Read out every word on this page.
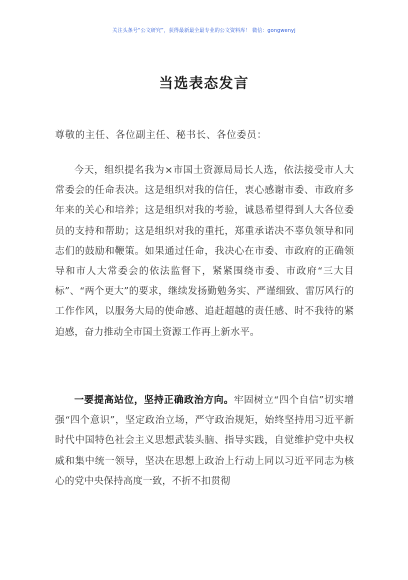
关注头条号“公文研究”，获得最新最全最专业的公文资料库！ 微信：gongwenyj
当选表态发言
尊敬的主任、各位副主任、秘书长、各位委员：

今天，组织提名我为×市国土资源局局长人选，依法接受市人大常委会的任命表决。这是组织对我的信任，衷心感谢市委、市政府多年来的关心和培养；这是组织对我的考验，诚恳希望得到人大各位委员的支持和帮助；这是组织对我的重托，郑重承诺决不辜负领导和同志们的鼓励和鞭策。如果通过任命，我决心在市委、市政府的正确领导和市人大常委会的依法监督下，紧紧围绕市委、市政府“三大目标”、“两个更大”的要求，继续发扬勤勉务实、严谨细致、雷厉风行的工作作风，以服务大局的使命感、追赶超越的责任感、时不我待的紧迫感，奋力推动全市国土资源工作再上新水平。

一要提高站位，坚持正确政治方向。牢固树立“四个自信”切实增强“四个意识”，坚定政治立场，严守政治规矩，始终坚持用习近平新时代中国特色社会主义思想武装头脑、指导实践，自觉维护党中央权威和集中统一领导，坚决在思想上政治上行动上同以习近平同志为核心的党中央保持高度一致，不折不扣贯彻
